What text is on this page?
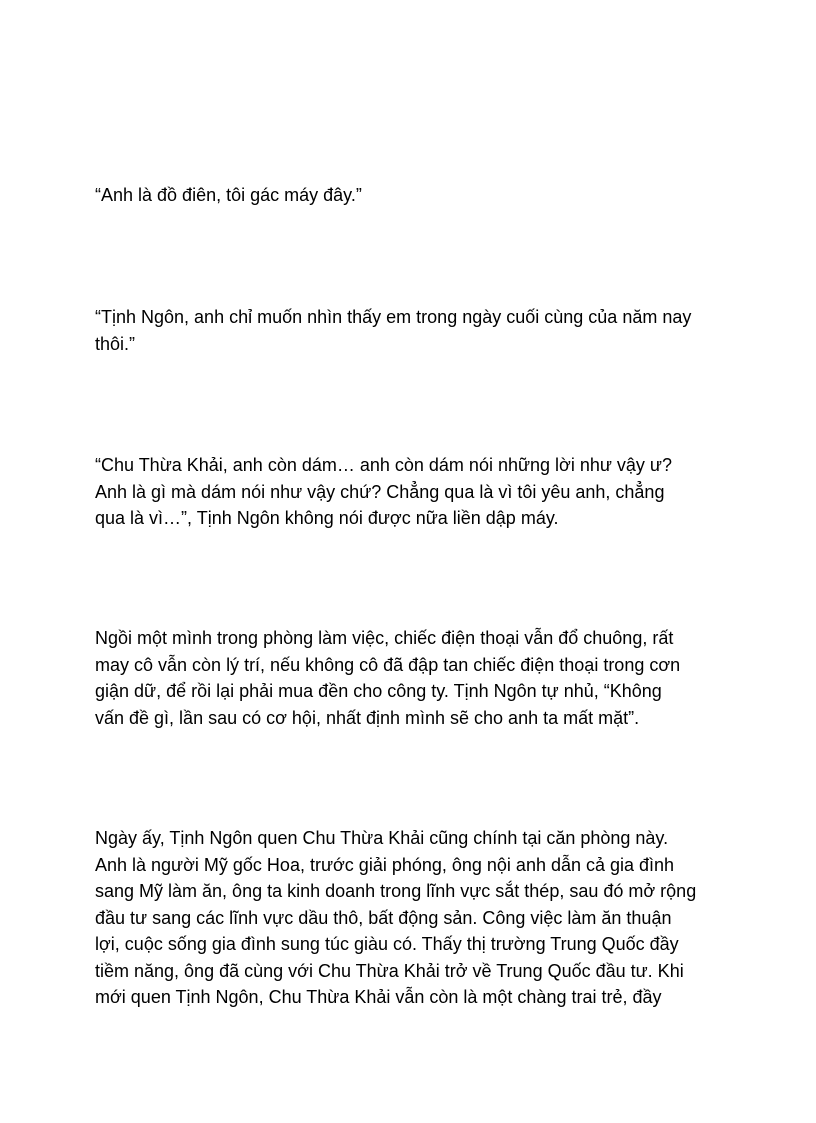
“Anh là đồ điên, tôi gác máy đây.”

“Tịnh Ngôn, anh chỉ muốn nhìn thấy em trong ngày cuối cùng của năm nay
thôi.”

“Chu Thừa Khải, anh còn dám… anh còn dám nói những lời như vậy ư?
Anh là gì mà dám nói như vậy chứ? Chẳng qua là vì tôi yêu anh, chẳng
qua là vì…”, Tịnh Ngôn không nói được nữa liền dập máy.

Ngồi một mình trong phòng làm việc, chiếc điện thoại vẫn đổ chuông, rất
may cô vẫn còn lý trí, nếu không cô đã đập tan chiếc điện thoại trong cơn
giận dữ, để rồi lại phải mua đền cho công ty. Tịnh Ngôn tự nhủ, “Không
vấn đề gì, lần sau có cơ hội, nhất định mình sẽ cho anh ta mất mặt”.

Ngày ấy, Tịnh Ngôn quen Chu Thừa Khải cũng chính tại căn phòng này.
Anh là người Mỹ gốc Hoa, trước giải phóng, ông nội anh dẫn cả gia đình
sang Mỹ làm ăn, ông ta kinh doanh trong lĩnh vực sắt thép, sau đó mở rộng
đầu tư sang các lĩnh vực dầu thô, bất động sản. Công việc làm ăn thuận
lợi, cuộc sống gia đình sung túc giàu có. Thấy thị trường Trung Quốc đầy
tiềm năng, ông đã cùng với Chu Thừa Khải trở về Trung Quốc đầu tư. Khi
mới quen Tịnh Ngôn, Chu Thừa Khải vẫn còn là một chàng trai trẻ, đầy
